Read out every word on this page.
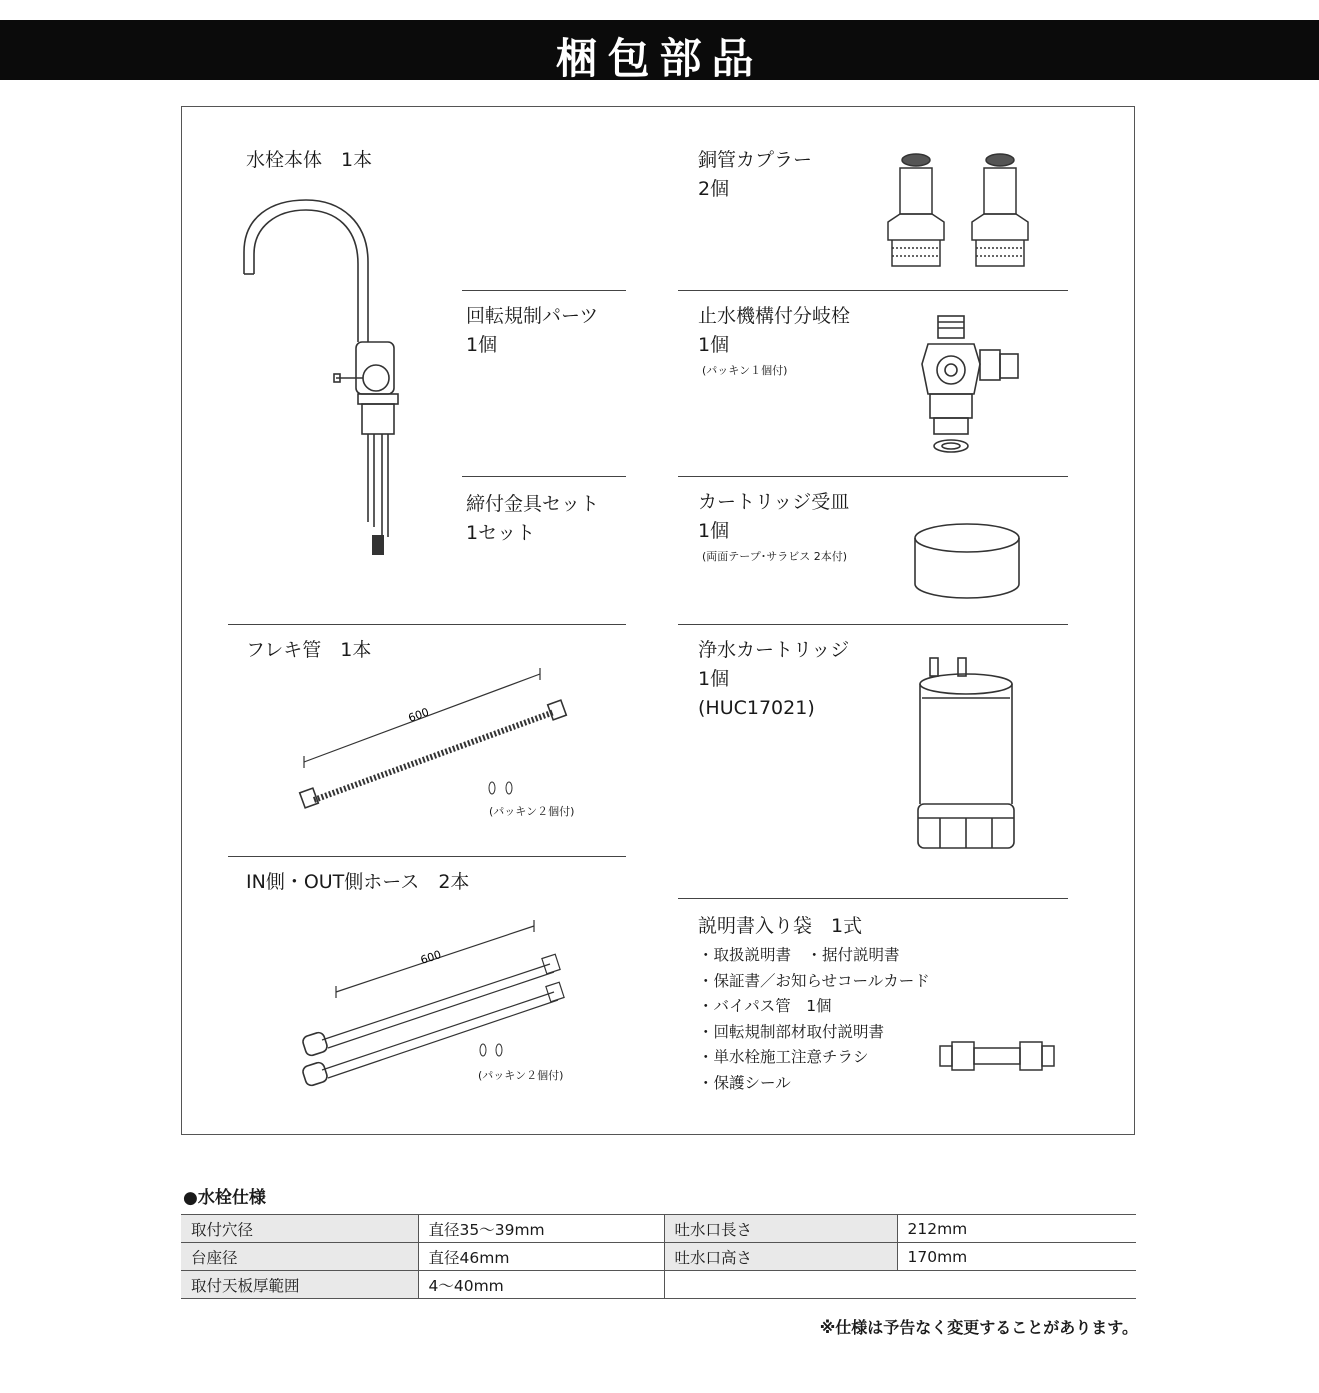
梱包部品
水栓本体　1本
回転規制パーツ
1個
締付金具セット
1セット
フレキ管　1本
600
(パッキン２個付)
IN側・OUT側ホース　2本
600
(パッキン２個付)
銅管カプラー
2個
止水機構付分岐栓
1個
(パッキン１個付)
カートリッジ受皿
1個
(両面テープ･サラビス 2本付)
浄水カートリッジ
1個
(HUC17021)
説明書入り袋　1式
・取扱説明書　・据付説明書
・保証書／お知らせコールカード
・バイパス管　1個
・回転規制部材取付説明書
・単水栓施工注意チラシ
・保護シール
●水栓仕様
取付穴径	直径35〜39mm	吐水口長さ	212mm
台座径	直径46mm	吐水口高さ	170mm
取付天板厚範囲	4〜40mm		
※仕様は予告なく変更することがあります。
